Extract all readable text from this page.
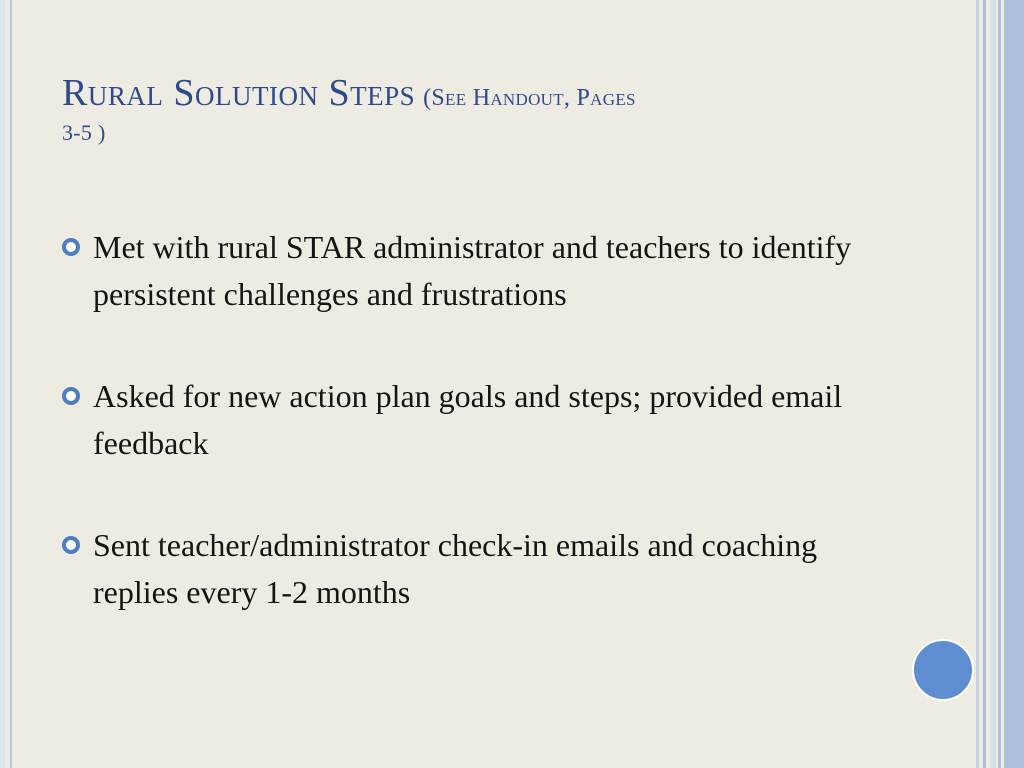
Rural Solution Steps (See Handout, Pages
3-5 )
Met with rural STAR administrator and teachers to identify persistent challenges and frustrations
Asked for new action plan goals and steps; provided email feedback
Sent teacher/administrator check-in emails and coaching replies every 1-2 months
